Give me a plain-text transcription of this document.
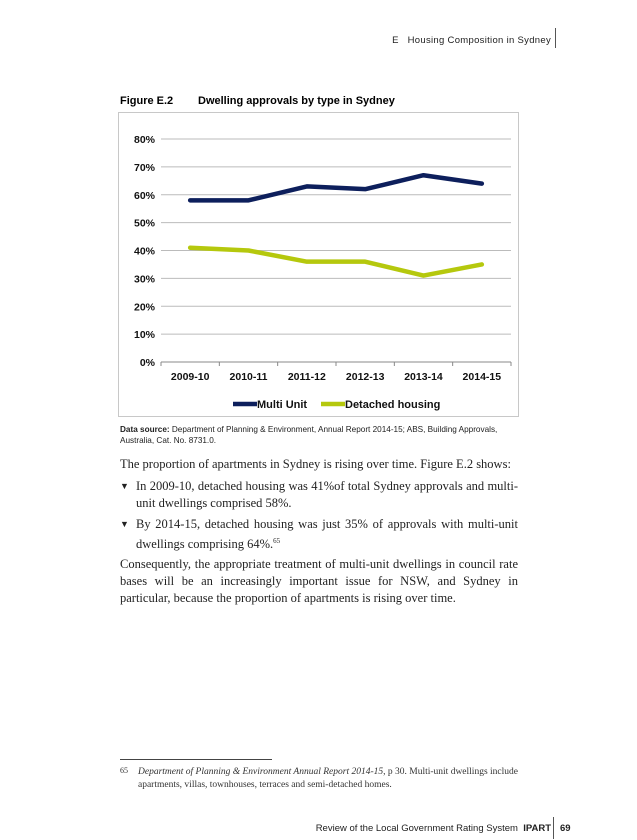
E Housing Composition in Sydney
Figure E.2 Dwelling approvals by type in Sydney
0%
10%
20%
30%
40%
50%
60%
70%
80%
2009-10 2010-11 2011-12 2012-13 2013-14 2014-15
Multi Unit	Detached housing
Data source: Department of Planning & Environment, Annual Report 2014-15; ABS, Building Approvals, Australia, Cat. No. 8731.0.
The proportion of apartments in Sydney is rising over time. Figure E.2 shows:
▼ In 2009-10, detached housing was 41%of total Sydney approvals and multi-unit dwellings comprised 58%.
▼ By 2014-15, detached housing was just 35% of approvals with multi-unit dwellings comprising 64%.$^{65}$
Consequently, the appropriate treatment of multi-unit dwellings in council rate bases will be an increasingly important issue for NSW, and Sydney in particular, because the proportion of apartments is rising over time.
65	Department of Planning & Environment Annual Report 2014-15, p 30. Multi-unit dwellings include apartments, villas, townhouses, terraces and semi-detached homes.
Review of the Local Government Rating System IPART 69
